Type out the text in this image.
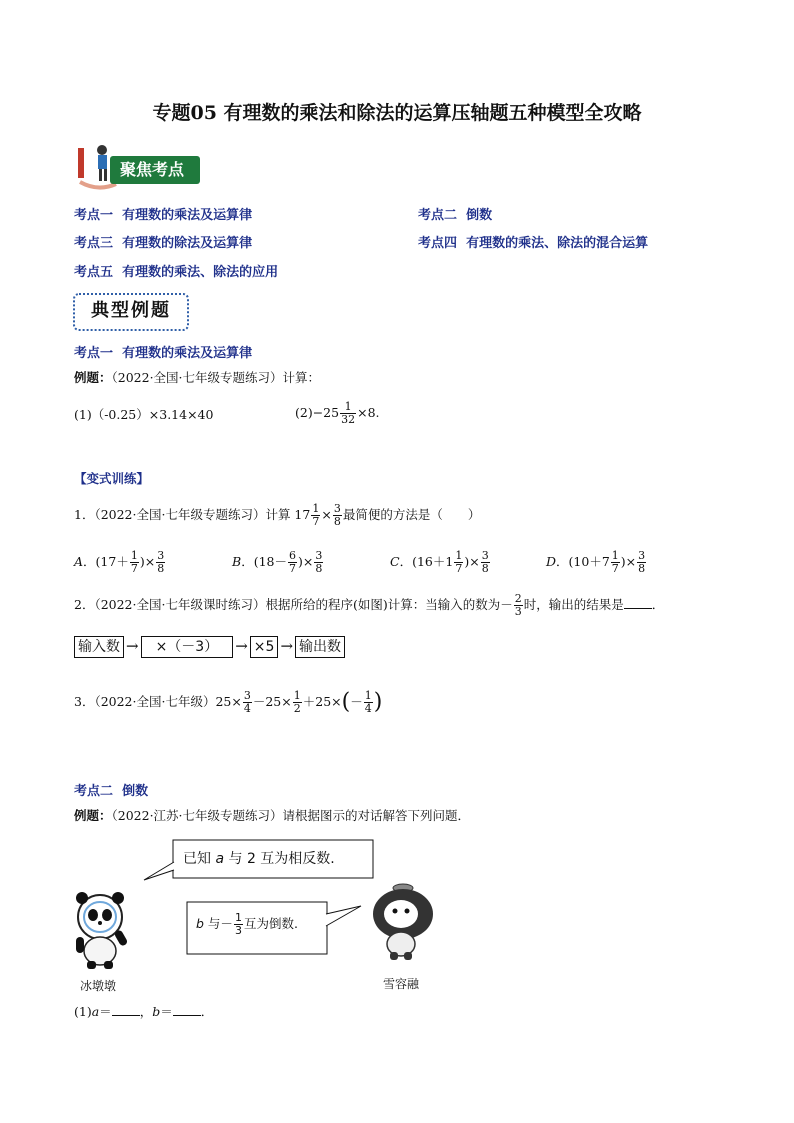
专题05 有理数的乘法和除法的运算压轴题五种模型全攻略
聚焦考点
考点一 有理数的乘法及运算律	考点二 倒数
考点三 有理数的除法及运算律	考点四 有理数的乘法、除法的混合运算
考点五 有理数的乘法、除法的应用
典型例题
考点一 有理数的乘法及运算律
例题：（2022·全国·七年级专题练习）计算：
(1)（-0.25）×3.14×40	$(2)-25 \frac{1}{32} \times 8$.
【变式训练】
1．（2022·全国·七年级专题练习）计算 $17 \frac{1}{7} \times \frac{3}{8}$ 最简便的方法是（　　）
A．($17+ \frac{1}{7}$ )× $\frac{3}{8}$	B．($18- \frac{6}{7}$ )× $\frac{3}{8}$	C．($16+1 \frac{1}{7}$ )× $\frac{3}{8}$	D．($10+7 \frac{1}{7}$ )× $\frac{3}{8}$
2．（2022·全国·七年级课时练习）根据所给的程序(如图)计算：当输入的数为－ $\frac{2}{3}$ 时，输出的结果是 ．
输入数 → ×（－3） → ×5 → 输出数
3．（2022·全国·七年级）$25\times \frac{3}{4} -25\times \frac{1}{2} +25\times(- \frac{1}{4}$ )
考点二 倒数
例题：（2022·江苏·七年级专题练习）请根据图示的对话解答下列问题．
已知 a 与 2 互为相反数.
b 与－ $\frac{1}{3}$ 互为倒数.
冰墩墩	雪容融
(1)a＝ ，b＝ ．
